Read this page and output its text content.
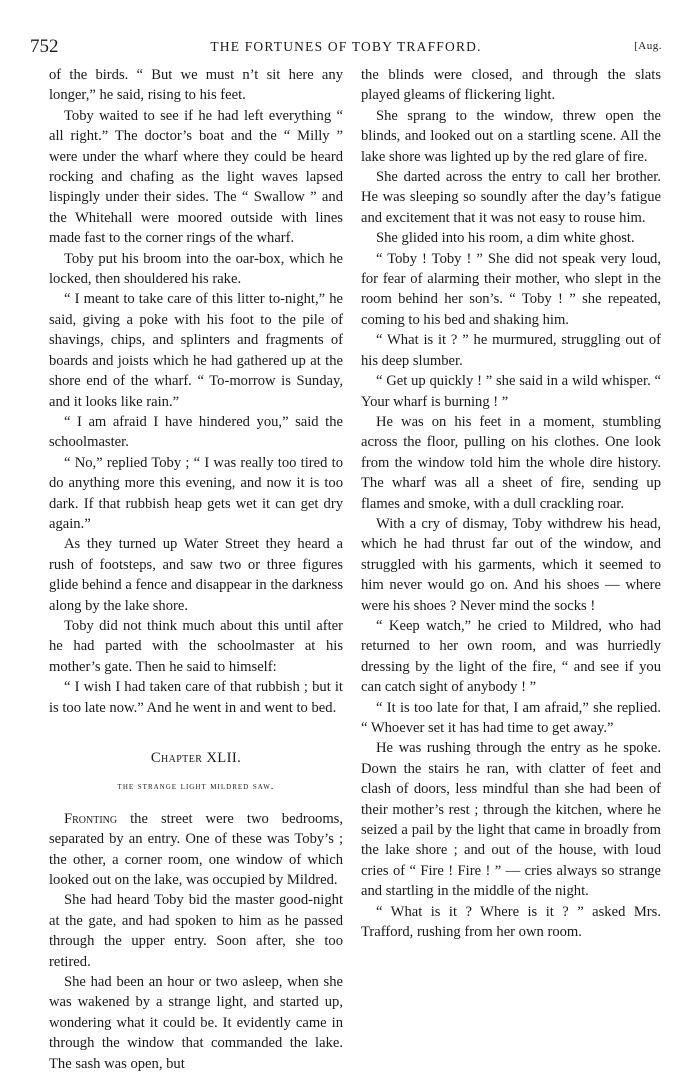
752	THE FORTUNES OF TOBY TRAFFORD.	[Aug.

of the birds. “ But we must n’t sit here any longer,” he said, rising to his feet.

Toby waited to see if he had left everything “ all right.” The doctor’s boat and the “ Milly ” were under the wharf where they could be heard rocking and chafing as the light waves lapsed lispingly under their sides. The “ Swallow ” and the Whitehall were moored outside with lines made fast to the corner rings of the wharf.

Toby put his broom into the oar-box, which he locked, then shouldered his rake.

“ I meant to take care of this litter to-night,” he said, giving a poke with his foot to the pile of shavings, chips, and splinters and fragments of boards and joists which he had gathered up at the shore end of the wharf. “ To-morrow is Sunday, and it looks like rain.”

“ I am afraid I have hindered you,” said the schoolmaster.

“ No,” replied Toby ; “ I was really too tired to do anything more this evening, and now it is too dark. If that rubbish heap gets wet it can get dry again.”

As they turned up Water Street they heard a rush of footsteps, and saw two or three figures glide behind a fence and disappear in the darkness along by the lake shore.

Toby did not think much about this until after he had parted with the schoolmaster at his mother’s gate. Then he said to himself:

“ I wish I had taken care of that rubbish ; but it is too late now.” And he went in and went to bed.

Chapter XLII.
the strange light mildred saw.

Fronting the street were two bedrooms, separated by an entry. One of these was Toby’s ; the other, a corner room, one window of which looked out on the lake, was occupied by Mildred.

She had heard Toby bid the master good-night at the gate, and had spoken to him as he passed through the upper entry. Soon after, she too retired.

She had been an hour or two asleep, when she was wakened by a strange light, and started up, wondering what it could be. It evidently came in through the window that commanded the lake. The sash was open, but

the blinds were closed, and through the slats played gleams of flickering light.

She sprang to the window, threw open the blinds, and looked out on a startling scene. All the lake shore was lighted up by the red glare of fire.

She darted across the entry to call her brother. He was sleeping so soundly after the day’s fatigue and excitement that it was not easy to rouse him.

She glided into his room, a dim white ghost.

“ Toby ! Toby ! ” She did not speak very loud, for fear of alarming their mother, who slept in the room behind her son’s. “ Toby ! ” she repeated, coming to his bed and shaking him.

“ What is it ? ” he murmured, struggling out of his deep slumber.

“ Get up quickly ! ” she said in a wild whisper. “ Your wharf is burning ! ”

He was on his feet in a moment, stumbling across the floor, pulling on his clothes. One look from the window told him the whole dire history. The wharf was all a sheet of fire, sending up flames and smoke, with a dull crackling roar.

With a cry of dismay, Toby withdrew his head, which he had thrust far out of the window, and struggled with his garments, which it seemed to him never would go on. And his shoes — where were his shoes ? Never mind the socks !

“ Keep watch,” he cried to Mildred, who had returned to her own room, and was hurriedly dressing by the light of the fire, “ and see if you can catch sight of anybody ! ”

“ It is too late for that, I am afraid,” she replied. “ Whoever set it has had time to get away.”

He was rushing through the entry as he spoke. Down the stairs he ran, with clatter of feet and clash of doors, less mindful than she had been of their mother’s rest ; through the kitchen, where he seized a pail by the light that came in broadly from the lake shore ; and out of the house, with loud cries of “ Fire ! Fire ! ” — cries always so strange and startling in the middle of the night.

“ What is it ? Where is it ? ” asked Mrs. Trafford, rushing from her own room.
